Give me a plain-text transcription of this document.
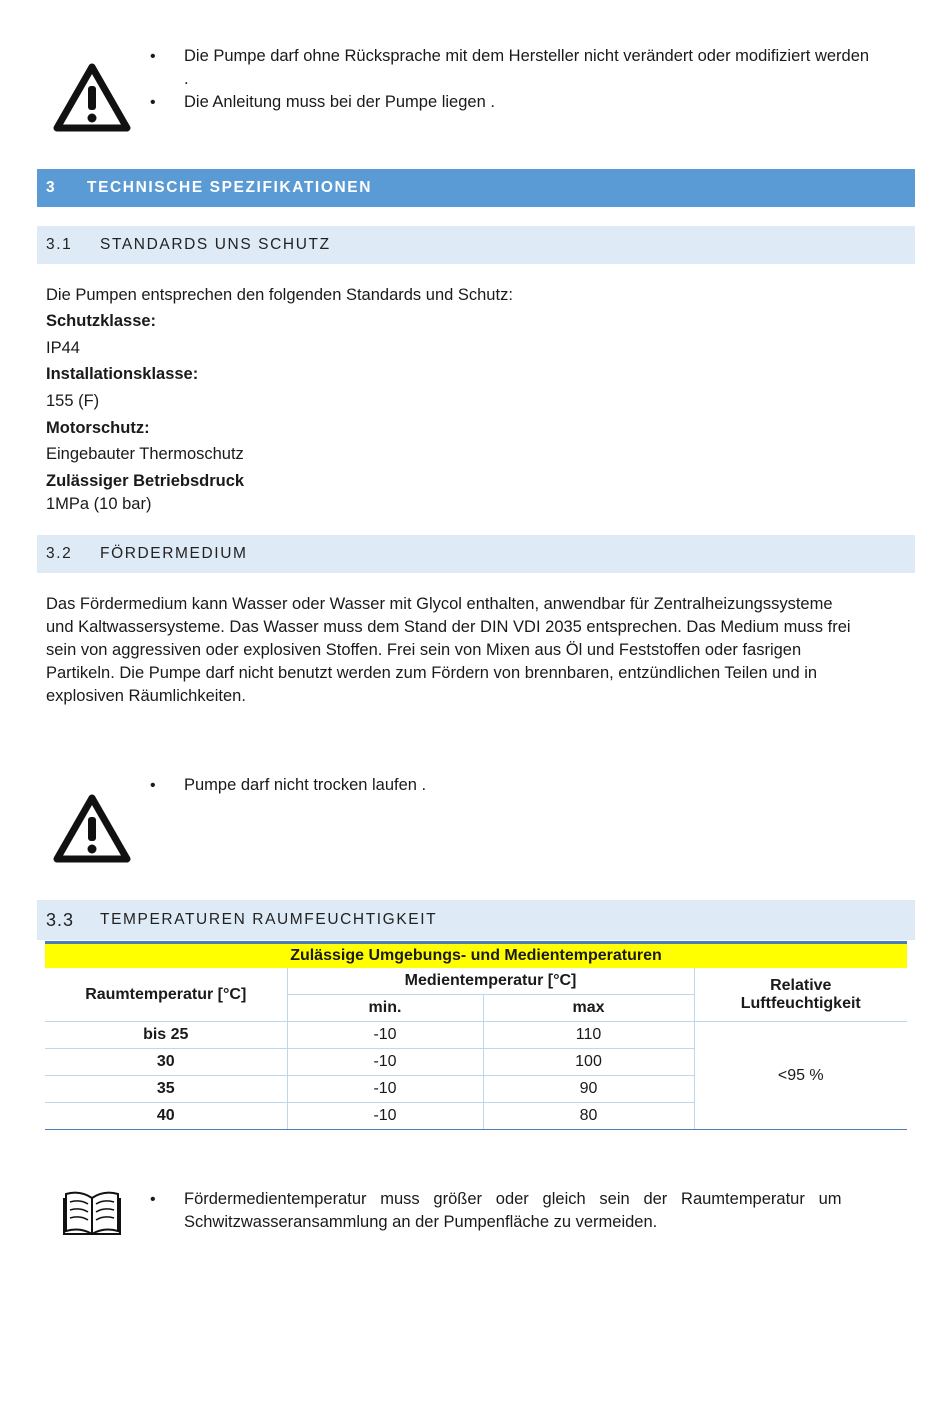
• Die Pumpe darf ohne Rücksprache mit dem Hersteller nicht verändert oder modifiziert werden .
• Die Anleitung muss bei der Pumpe liegen .
3 TECHNISCHE SPEZIFIKATIONEN
3.1 STANDARDS UNS SCHUTZ
Die Pumpen entsprechen den folgenden Standards und Schutz:
Schutzklasse:
IP44
Installationsklasse:
155 (F)
Motorschutz:
Eingebauter Thermoschutz
Zulässiger Betriebsdruck
1MPa (10 bar)
3.2 FÖRDERMEDIUM
Das Fördermedium kann Wasser oder Wasser mit Glycol enthalten, anwendbar für Zentralheizungssysteme
und Kaltwassersysteme. Das Wasser muss dem Stand der DIN VDI 2035 entsprechen. Das Medium muss frei
sein von aggressiven oder explosiven Stoffen. Frei sein von Mixen aus Öl und Feststoffen oder fasrigen
Partikeln. Die Pumpe darf nicht benutzt werden zum Fördern von brennbaren, entzündlichen Teilen und in
explosiven Räumlichkeiten.
• Pumpe darf nicht trocken laufen .
3.3 TEMPERATUREN RAUMFEUCHTIGKEIT
Zulässige Umgebungs- und Medientemperaturen			
Raumtemperatur [°C]	Medientemperatur [°C]		Relative
Luftfeuchtigkeit

	min.	max	
bis 25	-10	110	<95 %
30	-10	100	
35	-10	90	
40	-10	80	
• Fördermedientemperatur   muss   größer   oder   gleich   sein   der   Raumtemperatur   um
Schwitzwasseransammlung an der Pumpenfläche zu vermeiden.
